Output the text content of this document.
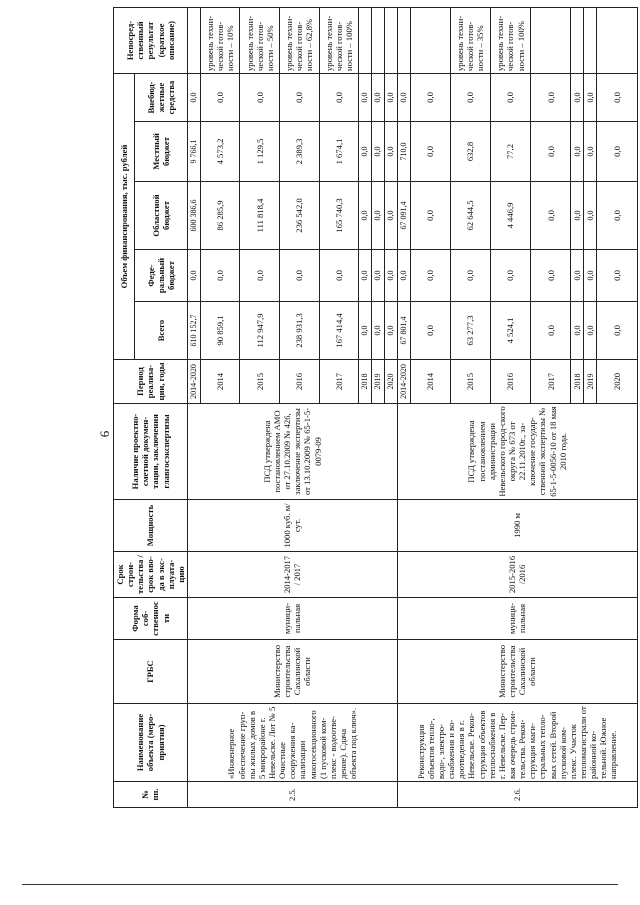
6
№ пп.	Наименование объекта (меро-приятия)	ГРБС	Форма соб-ственности	Срок строи-тельства / срок вво-да в экс-плуата-цию	Мощность	Наличие проектно-сметной докумен-тации, заключения главгосэкспертизы	Период реализа-ции, годы	Объем финансирования, тыс. рублей					Непосред-ственный результат (краткое описание)
								Всего	Феде-ральный бюджет	Областной бюджет	Местный бюджет	Внебюд-жетные средства	
2.5.	«Инженерное обеспечение груп-пы жилых домов в 5 микрорайоне г. Невельске. Лот № 5 Очистные сооружения ка-нализации многосекционного (1 пусковой ком-плекс - водоотве-дение). Сдача объекта под ключ».	Министерство строительства Сахалинской области	муници-пальная	2014-2017 / 2017	1000 куб. м/сут.	ПСД утверждена постановлением АМО от 27.10.2009 № 426, заключение экспертизы от 13.10.2009 № 65-1-5-0079-09	2014-2020	610 152,7	0,0	600 386,6	9 766,1	0,0	
							2014	90 859,1	0,0	86 285,9	4 573,2	0,0	уровень техни-ческой готов-ности – 10%
							2015	112 947,9	0,0	111 818,4	1 129,5	0,0	уровень техни-ческой готов-ности – 50%
							2016	238 931,3	0,0	236 542,0	2 389,3	0,0	уровень техни-ческой готов-ности – 62,8%
							2017	167 414,4	0,0	165 740,3	1 674,1	0,0	уровень техни-ческой готов-ности – 100%
							2018	0,0	0,0	0,0	0,0	0,0	
							2019	0,0	0,0	0,0	0,0	0,0	
							2020	0,0	0,0	0,0	0,0	0,0	
2.6.	Реконструкция объектов тепло-, водо-, электро-снабжения и во-доотведения в г. Невельске. Рекон-струкция объектов теплоснабжения в г. Невельске. Пер-вая очередь строи-тельства. Рекон-струкция маги-стральных тепло-вых сетей. Второй пусковой ком-плекс. Участок тепломагистрали от районной ко-тельной. Южное направление.	Министерство строительства Сахалинской области	муници-пальная	2015-2016 /2016	1990 м	ПСД утверждена постановлением администрации Невельского город-ского округа № 673 от 22.11.2010г., за-ключение государ-ственной экспертизы № 65-1-5-0056-10 от 18 мая 2010 года.	2014-2020	67 801,4	0,0	67 091,4	710,0	0,0	
							2014	0,0	0,0	0,0	0,0	0,0	
							2015	63 277,3	0,0	62 644,5	632,8	0,0	уровень техни-ческой готов-ности – 35%
							2016	4 524,1	0,0	4 446,9	77,2	0,0	уровень техни-ческой готов-ности – 100%
							2017	0,0	0,0	0,0	0,0	0,0	
							2018	0,0	0,0	0,0	0,0	0,0	
							2019	0,0	0,0	0,0	0,0	0,0	
							2020	0,0	0,0	0,0	0,0	0,0	
